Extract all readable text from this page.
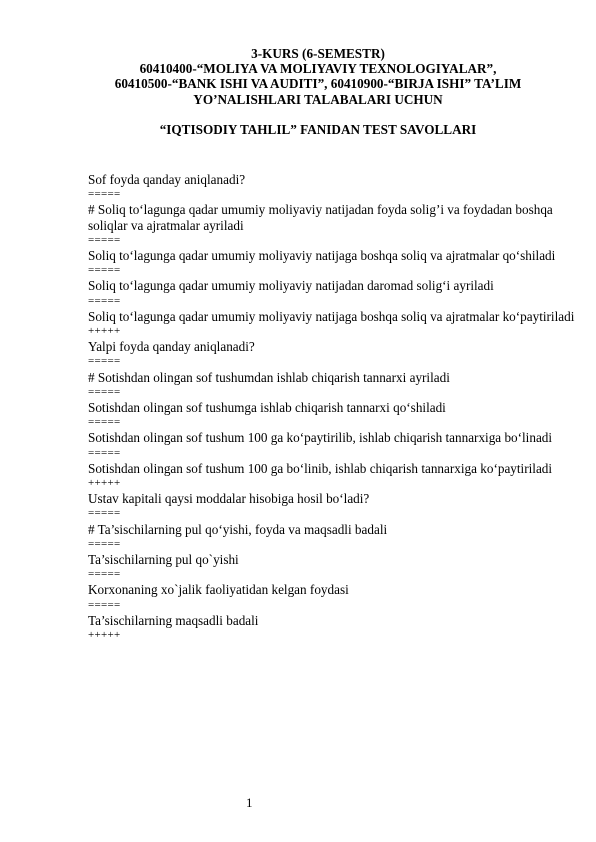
3-KURS (6-SEMESTR)
60410400-“MOLIYA VA MOLIYAVIY TEXNOLOGIYALAR”,
60410500-“BANK ISHI VA AUDITI”, 60410900-“BIRJA ISHI” TA’LIM
YO’NALISHLARI TALABALARI UCHUN
“IQTISODIY TAHLIL” FANIDAN TEST SAVOLLARI
Sof foyda qanday aniqlanadi?
=====
# Soliq to‘lagunga qadar umumiy moliyaviy natijadan foyda solig’i va foydadan boshqa soliqlar va ajratmalar ayriladi
=====
Soliq to‘lagunga qadar umumiy moliyaviy natijaga boshqa soliq va ajratmalar qo‘shiladi
=====
Soliq to‘lagunga qadar umumiy moliyaviy natijadan daromad solig‘i ayriladi
=====
Soliq to‘lagunga qadar umumiy moliyaviy natijaga boshqa soliq va ajratmalar ko‘paytiriladi
+++++
Yalpi foyda qanday aniqlanadi?
=====
# Sotishdan olingan sof tushumdan ishlab chiqarish tannarxi ayriladi
=====
Sotishdan olingan sof tushumga ishlab chiqarish tannarxi qo‘shiladi
=====
Sotishdan olingan sof tushum 100 ga ko‘paytirilib, ishlab chiqarish tannarxiga bo‘linadi
=====
Sotishdan olingan sof tushum 100 ga bo‘linib, ishlab chiqarish tannarxiga ko‘paytiriladi
+++++
Ustav kapitali qaysi moddalar hisobiga hosil bo‘ladi?
=====
# Ta’sischilarning pul qo‘yishi, foyda va maqsadli badali
=====
Ta’sischilarning pul qo`yishi
=====
Korxonaning xo`jalik faoliyatidan kelgan foydasi
=====
Ta’sischilarning maqsadli badali
+++++
1
